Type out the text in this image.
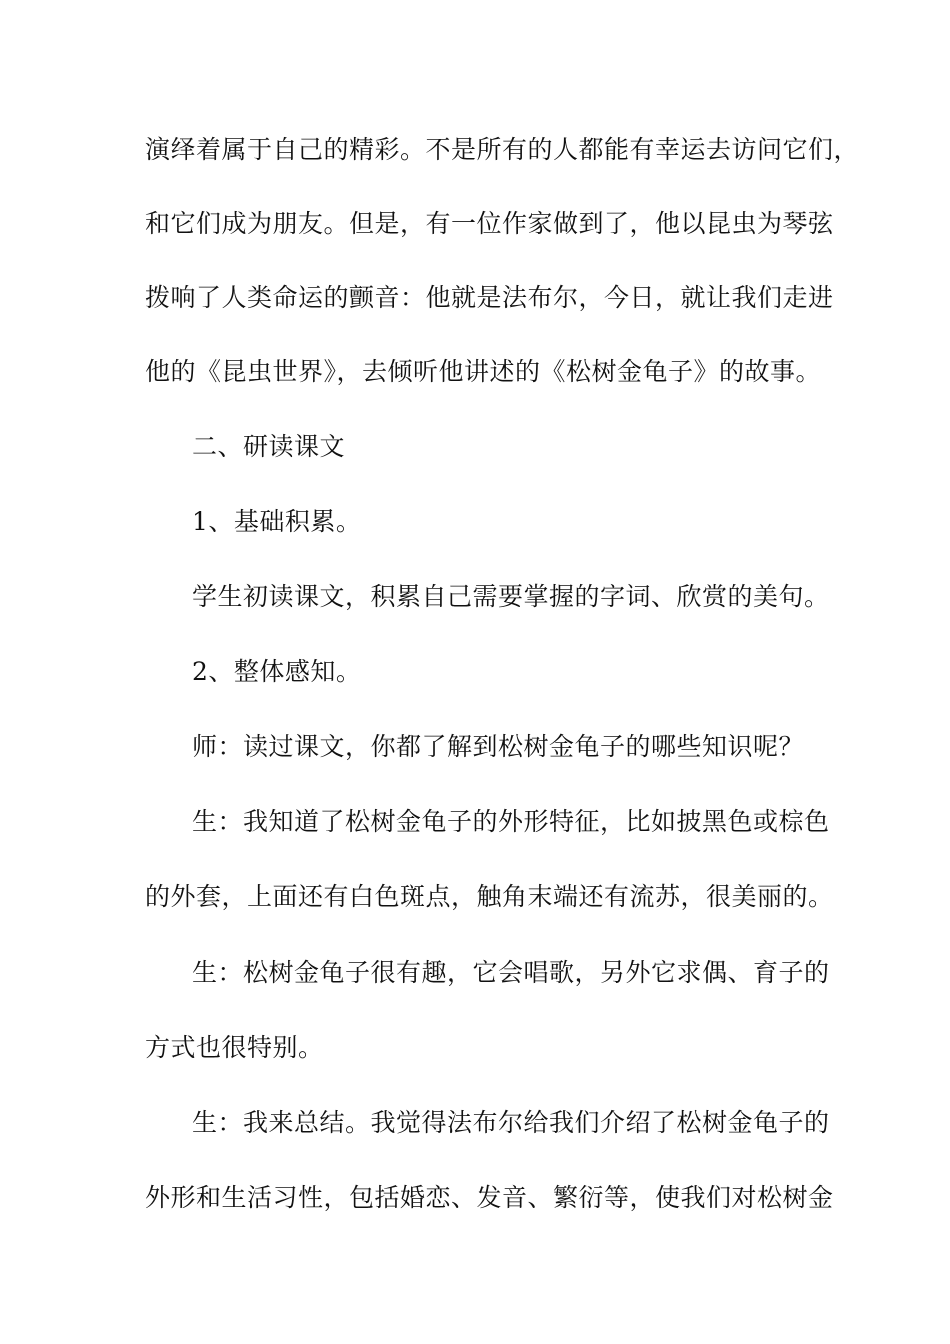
演绎着属于自己的精彩。不是所有的人都能有幸运去访问它们，
和它们成为朋友。但是，有一位作家做到了，他以昆虫为琴弦
拨响了人类命运的颤音：他就是法布尔，今日，就让我们走进
他的《昆虫世界》，去倾听他讲述的《松树金龟子》的故事。
二、研读课文
1、基础积累。
学生初读课文，积累自己需要掌握的字词、欣赏的美句。
2、整体感知。
师：读过课文，你都了解到松树金龟子的哪些知识呢？
生：我知道了松树金龟子的外形特征，比如披黑色或棕色
的外套，上面还有白色斑点，触角末端还有流苏，很美丽的。
生：松树金龟子很有趣，它会唱歌，另外它求偶、育子的
方式也很特别。
生：我来总结。我觉得法布尔给我们介绍了松树金龟子的
外形和生活习性，包括婚恋、发音、繁衍等，使我们对松树金
